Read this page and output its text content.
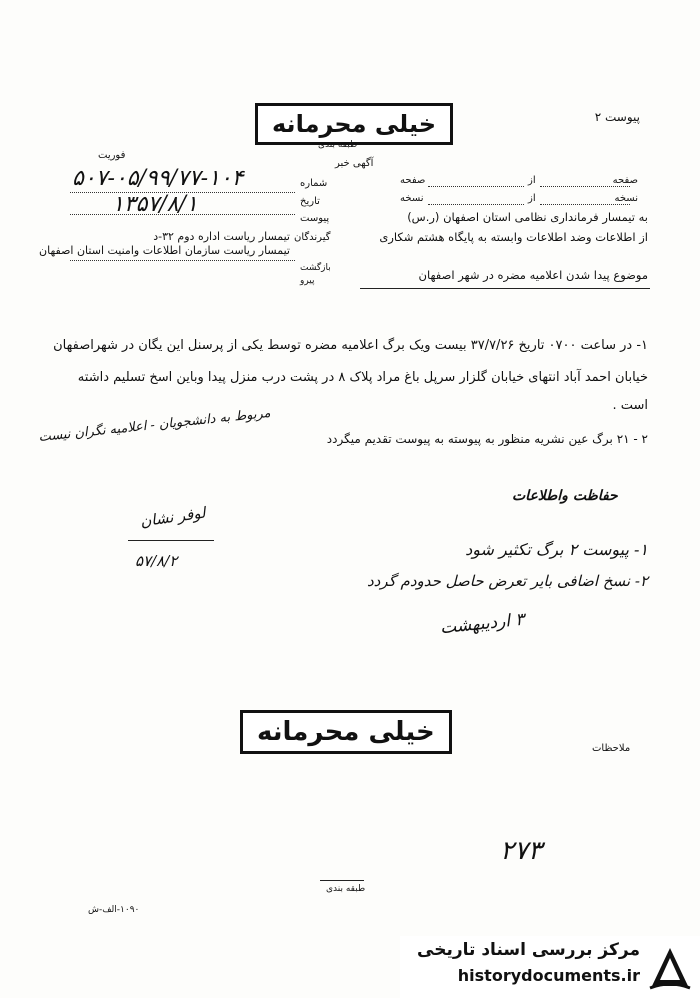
پیوست ۲
خیلی محرمانه
طبقه بندی
فوریت
آگهی خبر
شماره
۵۰۷-۰۵/۹۹/۷۷-۱۰۴
تاریخ
۱۳۵۷/۸/۱
پیوست
گیرندگان
تیمسار ریاست اداره دوم ۳۲-د
تیمسار ریاست سازمان اطلاعات وامنیت استان اصفهان
بازگشت
پیرو
صفحه
از
صفحه
نسخه
از
نسخه
به تیمسار فرمانداری نظامی استان اصفهان (ر.س)
از اطلاعات وضد اطلاعات وابسته به پایگاه هشتم شکاری
موضوع پیدا شدن اعلامیه مضره در شهر اصفهان
۱- در ساعت ۰۷۰۰ تاریخ ۳۷/۷/۲۶ بیست ویک برگ اعلامیه مضره توسط یکی از پرسنل این یگان در شهراصفهان
خیابان احمد آباد انتهای خیابان گلزار سرپل باغ مراد پلاک ۸ در پشت درب منزل پیدا وباین اسخ تسلیم داشته
است .
۲ - ۲۱ برگ عین نشریه منظور به پیوسته به پیوست تقدیم میگردد
مربوط به دانشجویان - اعلامیه نگران نیست
لوفر نشان
۵۷/۸/۲
حفاظت واطلاعات
۱- پیوست ۲ برگ تکثیر شود
۲- نسخ اضافی بایر تعرض حاصل حدودم گردد
۳ اردیبهشت
خیلی محرمانه
ملاحظات
۲۷۳
طبقه بندی
۱۰۹۰-الف-ش
مرکز بررسی اسناد تاریخی
historydocuments.ir
